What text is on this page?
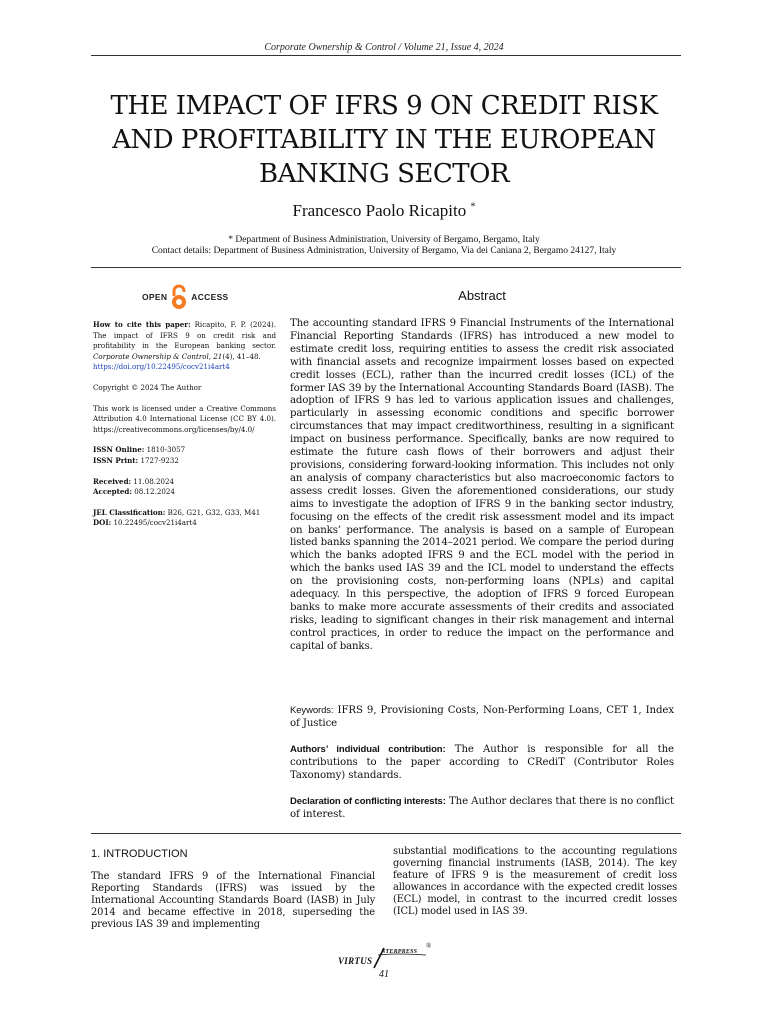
Corporate Ownership & Control / Volume 21, Issue 4, 2024
THE IMPACT OF IFRS 9 ON CREDIT RISK
AND PROFITABILITY IN THE EUROPEAN
BANKING SECTOR
Francesco Paolo Ricapito *
* Department of Business Administration, University of Bergamo, Bergamo, Italy
Contact details: Department of Business Administration, University of Bergamo, Via dei Caniana 2, Bergamo 24127, Italy
OPEN	ACCESS	Abstract

How to cite this paper: Ricapito, F. P. (2024). The impact of IFRS 9 on credit risk and profitability in the European banking sector. Corporate Ownership & Control, 21(4), 41–48.
https://doi.org/10.22495/cocv21i4art4

Copyright © 2024 The Author

This work is licensed under a Creative Commons Attribution 4.0 International License (CC BY 4.0). https://creativecommons.org/licenses/by/4.0/

ISSN Online: 1810-3057

ISSN Print: 1727-9232

Received: 11.08.2024

Accepted: 08.12.2024

JEL Classification: B26, G21, G32, G33, M41

DOI: 10.22495/cocv21i4art4

The accounting standard IFRS 9 Financial Instruments of the International Financial Reporting Standards (IFRS) has introduced a new model to estimate credit loss, requiring entities to assess the credit risk associated with financial assets and recognize impairment losses based on expected credit losses (ECL), rather than the incurred credit losses (ICL) of the former IAS 39 by the International Accounting Standards Board (IASB). The adoption of IFRS 9 has led to various application issues and challenges, particularly in assessing economic conditions and specific borrower circumstances that may impact creditworthiness, resulting in a significant impact on business performance. Specifically, banks are now required to estimate the future cash flows of their borrowers and adjust their provisions, considering forward-looking information. This includes not only an analysis of company characteristics but also macroeconomic factors to assess credit losses. Given the aforementioned considerations, our study aims to investigate the adoption of IFRS 9 in the banking sector industry, focusing on the effects of the credit risk assessment model and its impact on banks’ performance. The analysis is based on a sample of European listed banks spanning the 2014–2021 period. We compare the period during which the banks adopted IFRS 9 and the ECL model with the period in which the banks used IAS 39 and the ICL model to understand the effects on the provisioning costs, non-performing loans (NPLs) and capital adequacy. In this perspective, the adoption of IFRS 9 forced European banks to make more accurate assessments of their credits and associated risks, leading to significant changes in their risk management and internal control practices, in order to reduce the impact on the performance and capital of banks.
Keywords: IFRS 9, Provisioning Costs, Non-Performing Loans, CET 1, Index of Justice
Authors’ individual contribution: The Author is responsible for all the contributions to the paper according to CRediT (Contributor Roles Taxonomy) standards.
Declaration of conflicting interests: The Author declares that there is no conflict of interest.
1. INTRODUCTION
The standard IFRS 9 of the International Financial Reporting Standards (IFRS) was issued by the International Accounting Standards Board (IASB) in July 2014 and became effective in 2018, superseding the previous IAS 39 and implementing
substantial modifications to the accounting regulations governing financial instruments (IASB, 2014). The key feature of IFRS 9 is the measurement of credit loss allowances in accordance with the expected credit losses (ECL) model, in contrast to the incurred credit losses (ICL) model used in IAS 39.
VIRTUS
NTERPRESS
®
41
